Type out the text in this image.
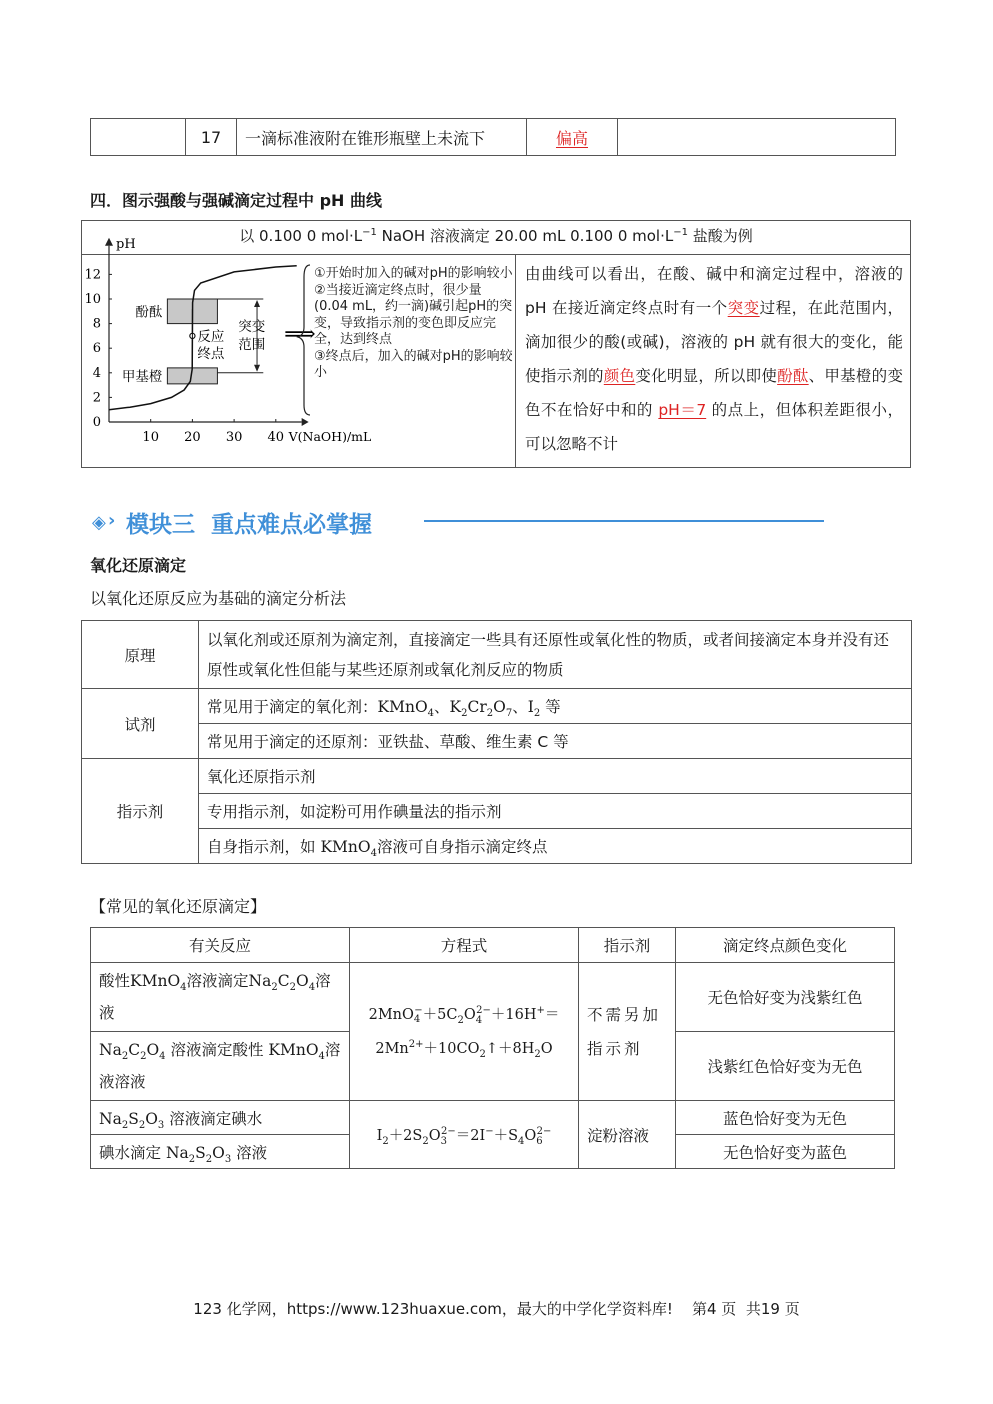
	17	一滴标准液附在锥形瓶壁上未流下	偏高	
四．图示强酸与强碱滴定过程中 pH 曲线
以 0.100 0 $mol\cdot L^{-1}$ NaOH 溶液滴定 20.00 mL 0.100 0 $mol\cdot L^{-1}$ 盐酸为例
pH
V(NaOH)/mL
0
2
4
6
8
10
12
10 20 30 40
酚酞
甲基橙
反应
终点
突变
范围 ⟹
①开始时加入的碱对pH的影响较小
②当接近滴定终点时，很少量(0.04 mL，约一滴)碱引起pH的突变，导致指示剂的变色即反应完全，达到终点
③终点后，加入的碱对pH的影响较小
由曲线可以看出，在酸、碱中和滴定过程中，溶液的 pH 在接近滴定终点时有一个突变过程，在此范围内，滴加很少的酸(或碱)，溶液的 pH 就有很大的变化，能使指示剂的颜色变化明显，所以即使酚酞、甲基橙的变色不在恰好中和的 pH＝7 的点上，但体积差距很小，可以忽略不计
◈ › 模块三  重点难点必掌握
氧化还原滴定
以氧化还原反应为基础的滴定分析法
原理	以氧化剂或还原剂为滴定剂，直接滴定一些具有还原性或氧化性的物质，或者间接滴定本身并没有还原性或氧化性但能与某些还原剂或氧化剂反应的物质
试剂	常见用于滴定的氧化剂：KMnO$_4$、$K_2Cr_2O_7$、$I_2$ 等
	常见用于滴定的还原剂：亚铁盐、草酸、维生素 C 等
指示剂	氧化还原指示剂
	专用指示剂，如淀粉可用作碘量法的指示剂
	自身指示剂，如 KMnO$_4$溶液可自身指示滴定终点
【常见的氧化还原滴定】
有关反应	方程式	指示剂	滴定终点颜色变化
酸性KMnO$_4$溶液滴定$Na_2C_2O_4$溶液	$2MnO_4^-+5C_2O_4^{2-}+16H^+=$
$2Mn^{2+}+10CO_2↑+8H_2O$	不需另加指示剂	无色恰好变为浅紫红色
$Na_2C_2O_4$ 溶液滴定酸性 KMnO$_4$溶液溶液			浅紫红色恰好变为无色
$Na_2S_2O_3$ 溶液滴定碘水	$I_2+2S_2O_3^{2-}=2I^-+S_4O_6^{2-}$	淀粉溶液	蓝色恰好变为无色
碘水滴定 $Na_2S_2O_3$ 溶液			无色恰好变为蓝色
123 化学网，https://www.123huaxue.com，最大的中学化学资料库!    第4 页  共19 页
